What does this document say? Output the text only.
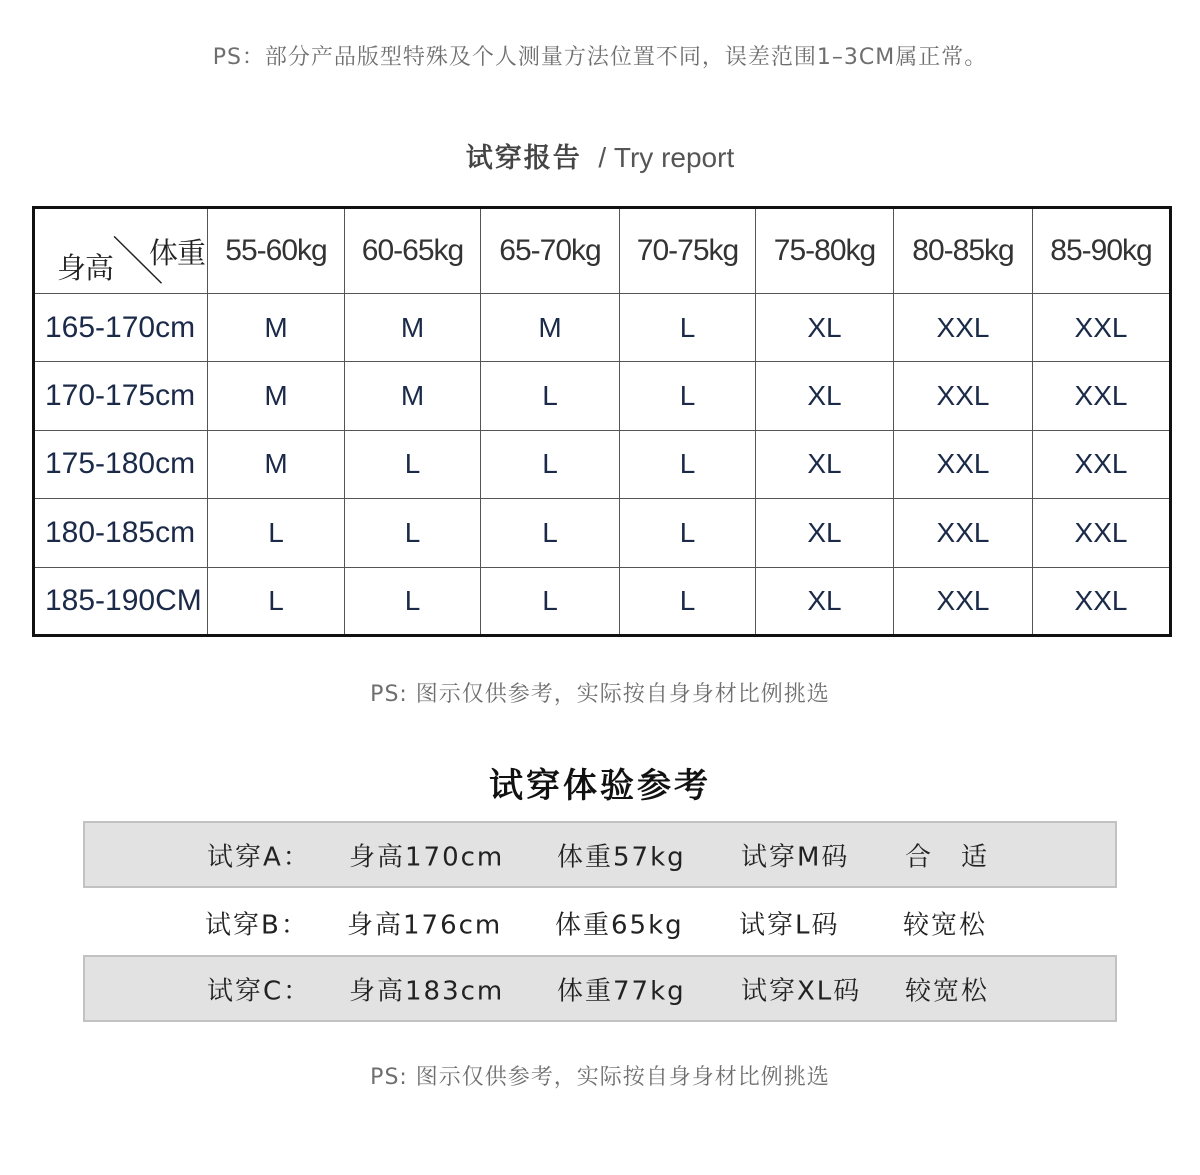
PS：部分产品版型特殊及个人测量方法位置不同，误差范围1–3CM属正常。
试穿报告 / Try report
体重
身高	55-60kg	60-65kg	65-70kg	70-75kg	75-80kg	80-85kg	85-90kg
165-170cm	M	M	M	L	XL	XXL	XXL
170-175cm	M	M	L	L	XL	XXL	XXL
175-180cm	M	L	L	L	XL	XXL	XXL
180-185cm	L	L	L	L	XL	XXL	XXL
185-190CM	L	L	L	L	XL	XXL	XXL
PS: 图示仅供参考，实际按自身身材比例挑选
试穿体验参考
试穿A： 身高170cm 体重57kg 试穿M码 合　适
试穿B： 身高176cm 体重65kg 试穿L码 较宽松
试穿C： 身高183cm 体重77kg 试穿XL码 较宽松
PS: 图示仅供参考，实际按自身身材比例挑选
